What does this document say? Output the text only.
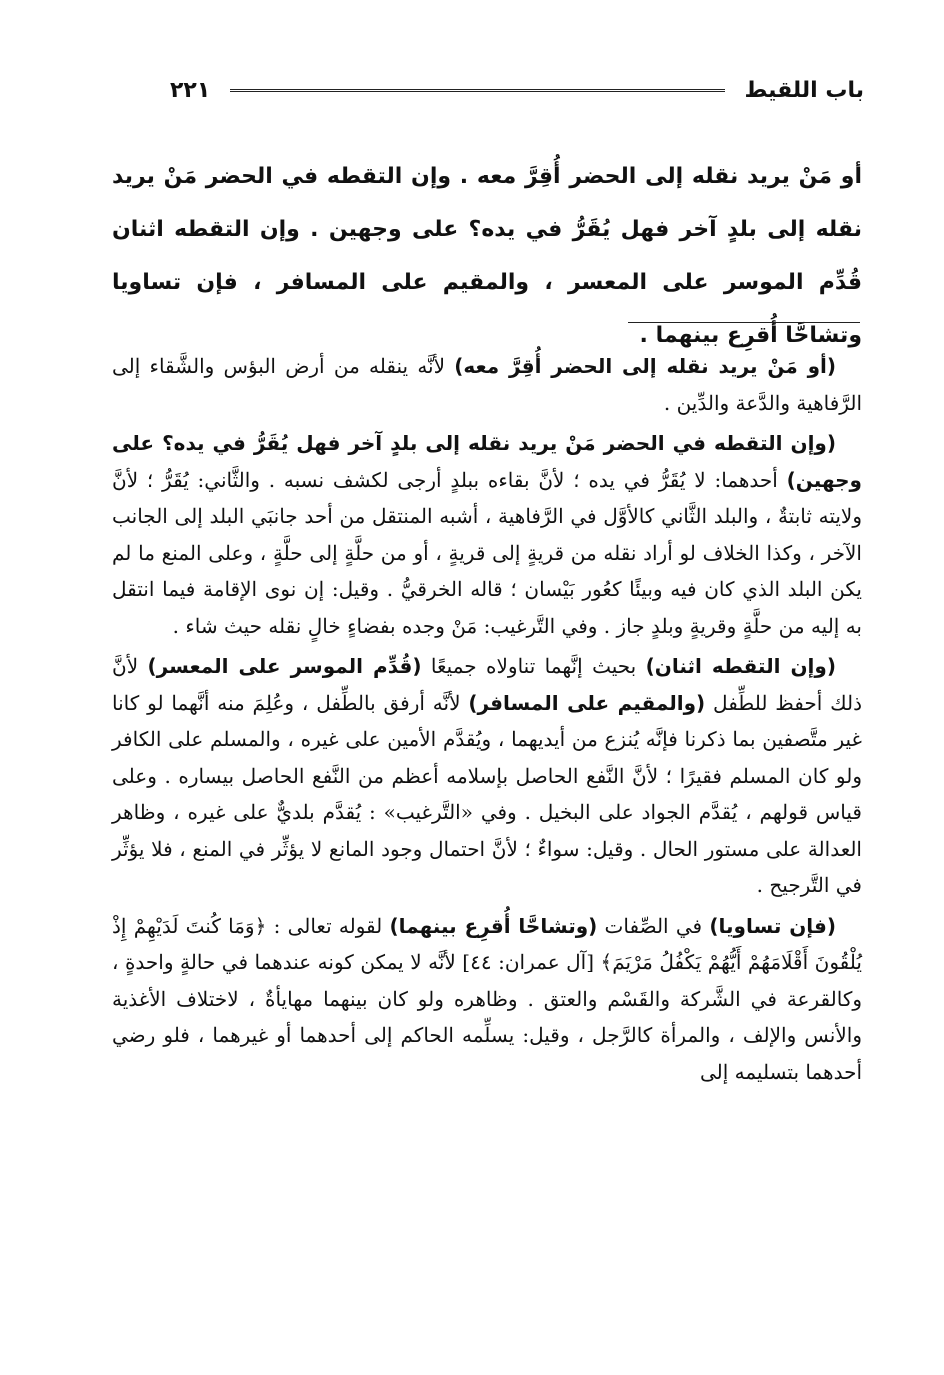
باب اللقيط
٢٢١
أو مَنْ يريد نقله إلى الحضر أُقِرَّ معه . وإن التقطه في الحضر مَنْ يريد نقله إلى بلدٍ آخر فهل يُقَرُّ في يده؟ على وجهين . وإن التقطه اثنان قُدِّم الموسر على المعسر ، والمقيم على المسافر ، فإن تساويا وتشاحَّا أُقرِع بينهما .

(أو مَنْ يريد نقله إلى الحضر أُقِرَّ معه) لأنَّه ينقله من أرض البؤس والشَّقاء إلى الرَّفاهية والدَّعة والدِّين .

(وإن التقطه في الحضر مَنْ يريد نقله إلى بلدٍ آخر فهل يُقَرُّ في يده؟ على وجهين) أحدهما: لا يُقَرُّ في يده ؛ لأنَّ بقاءه ببلدٍ أرجى لكشف نسبه . والثَّاني: يُقَرُّ ؛ لأنَّ ولايته ثابتةٌ ، والبلد الثَّاني كالأوَّل في الرَّفاهية ، أشبه المنتقل من أحد جانبَي البلد إلى الجانب الآخر ، وكذا الخلاف لو أراد نقله من قريةٍ إلى قريةٍ ، أو من حلَّةٍ إلى حلَّةٍ ، وعلى المنع ما لم يكن البلد الذي كان فيه وبيئًا كعُور بَيْسان ؛ قاله الخرقيُّ . وقيل: إن نوى الإقامة فيما انتقل به إليه من حلَّةٍ وقريةٍ وبلدٍ جاز . وفي التَّرغيب: مَنْ وجده بفضاءٍ خالٍ نقله حيث شاء .

(وإن التقطه اثنان) بحيث إنَّهما تناولاه جميعًا (قُدِّم الموسر على المعسر) لأنَّ ذلك أحفظ للطِّفل (والمقيم على المسافر) لأنَّه أرفق بالطِّفل ، وعُلِمَ منه أنَّهما لو كانا غير متَّصفين بما ذكرنا فإنَّه يُنزع من أيديهما ، ويُقدَّم الأمين على غيره ، والمسلم على الكافر ولو كان المسلم فقيرًا ؛ لأنَّ النَّفع الحاصل بإسلامه أعظم من النَّفع الحاصل بيساره . وعلى قياس قولهم ، يُقدَّم الجواد على البخيل . وفي «التَّرغيب» : يُقدَّم بلديٌّ على غيره ، وظاهر العدالة على مستور الحال . وقيل: سواءٌ ؛ لأنَّ احتمال وجود المانع لا يؤثِّر في المنع ، فلا يؤثِّر في التَّرجيح .

(فإن تساويا) في الصِّفات (وتشاحَّا أُقرِع بينهما) لقوله تعالى : ﴿وَمَا كُنتَ لَدَيْهِمْ إِذْ يُلْقُونَ أَقْلَامَهُمْ أَيُّهُمْ يَكْفُلُ مَرْيَمَ﴾ [آل عمران: ٤٤] لأنَّه لا يمكن كونه عندهما في حالةٍ واحدةٍ ، وكالقرعة في الشَّركة والقَسْم والعتق . وظاهره ولو كان بينهما مهايأةٌ ، لاختلاف الأغذية والأنس والإلف ، والمرأة كالرَّجل ، وقيل: يسلِّمه الحاكم إلى أحدهما أو غيرهما ، فلو رضي أحدهما بتسليمه إلى
